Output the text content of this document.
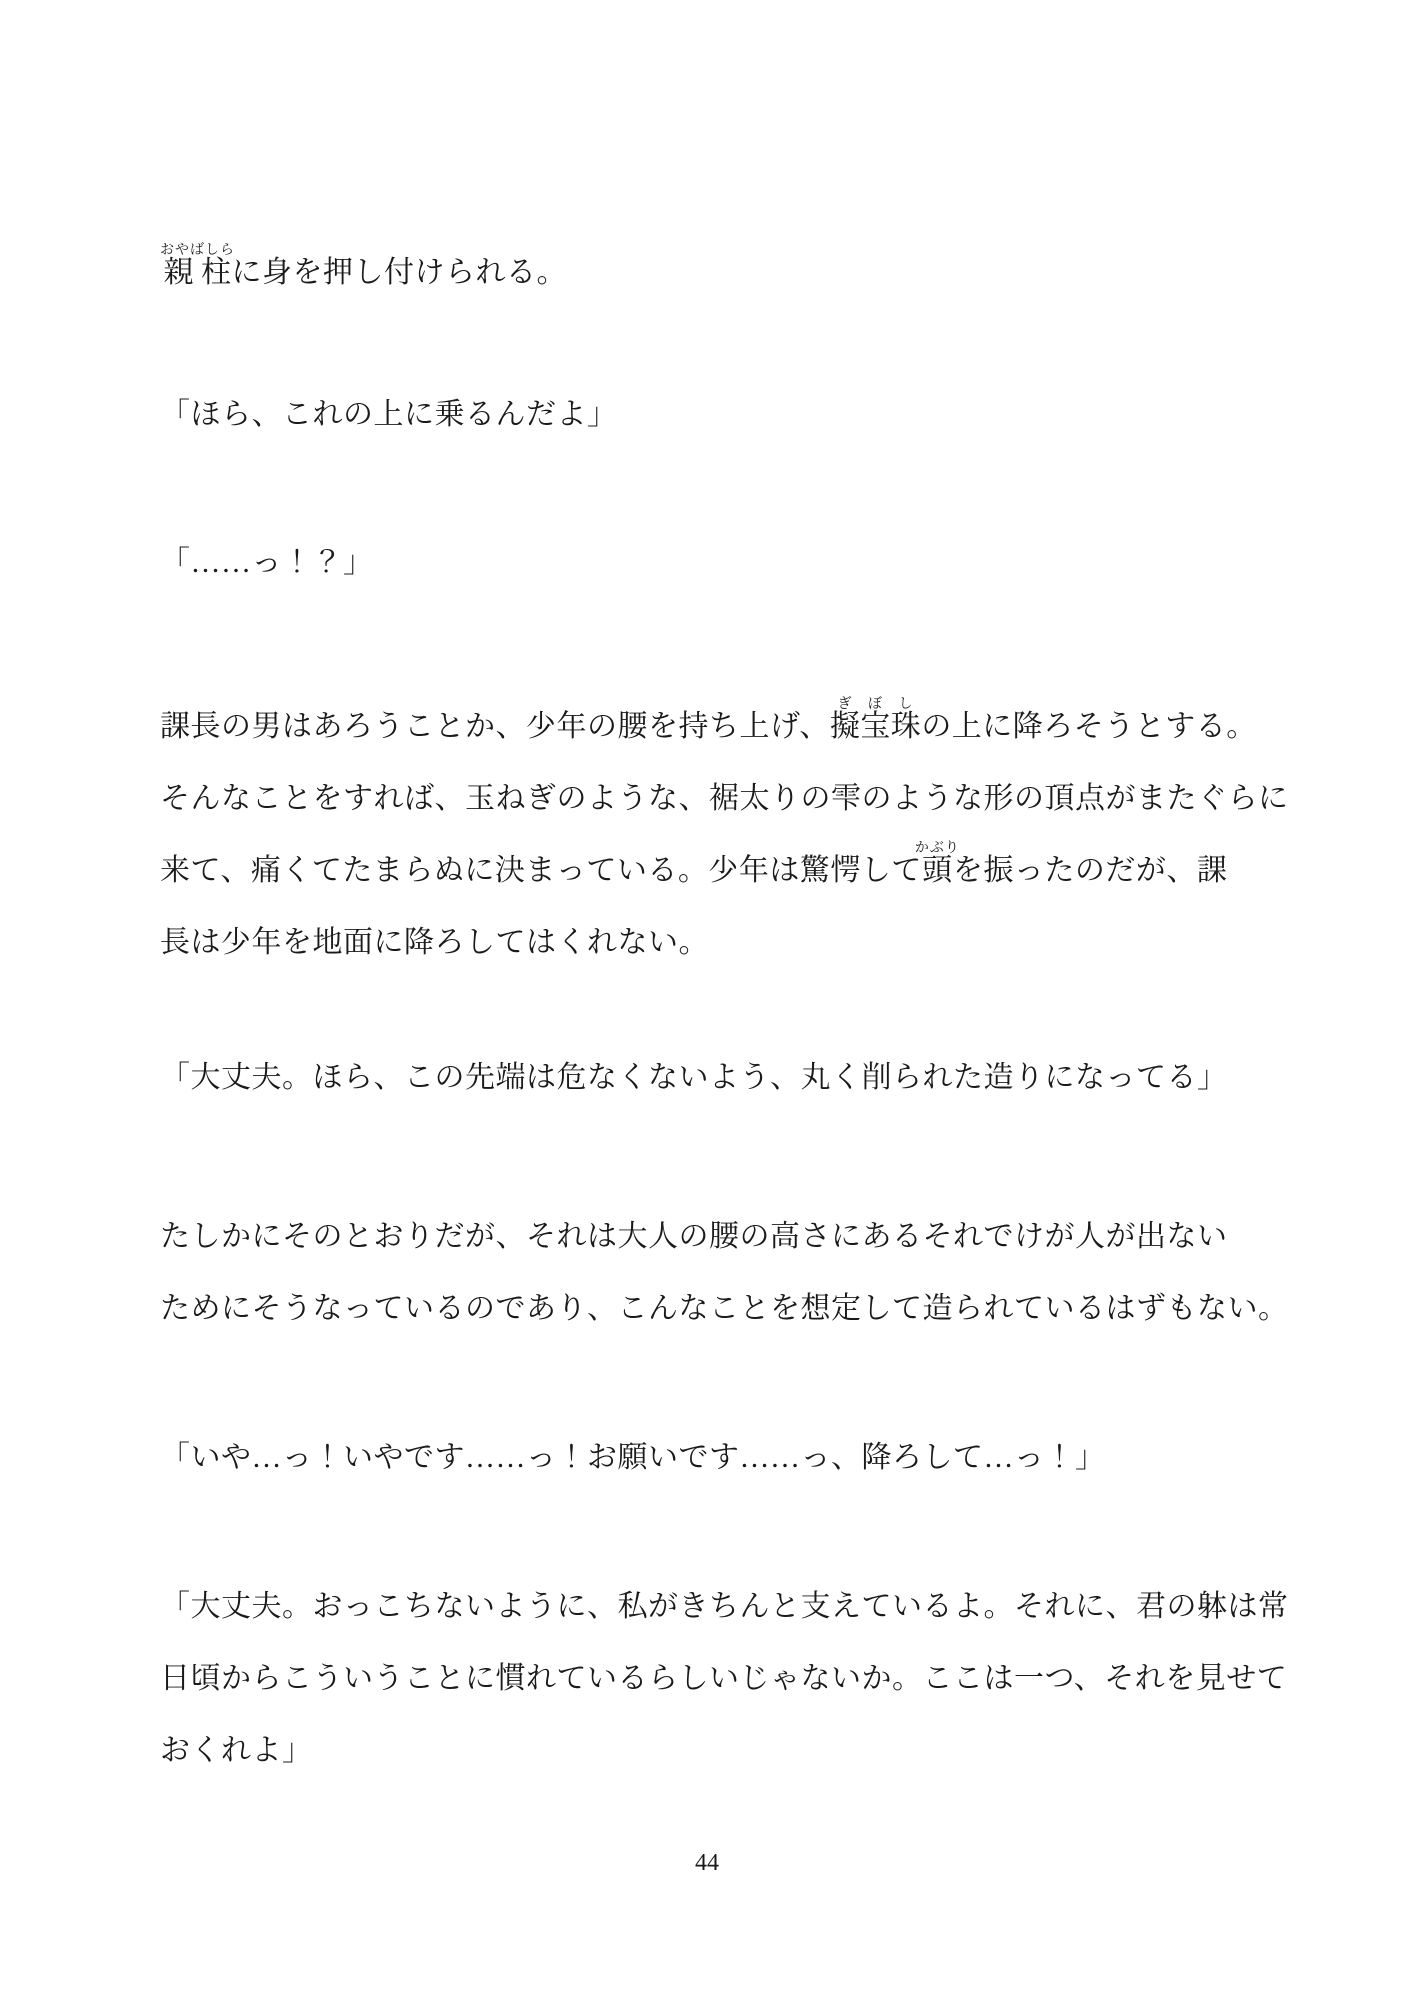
親柱おやばしらに身を押し付けられる。
「ほら、これの上に乗るんだよ」
「……っ！？」
課長の男はあろうことか、少年の腰を持ち上げ、擬宝珠ぎぼしの上に降ろそうとする。
そんなことをすれば、玉ねぎのような、裾太りの雫のような形の頂点がまたぐらに
来て、痛くてたまらぬに決まっている。少年は驚愕して頭かぶりを振ったのだが、課
長は少年を地面に降ろしてはくれない。
「大丈夫。ほら、この先端は危なくないよう、丸く削られた造りになってる」
たしかにそのとおりだが、それは大人の腰の高さにあるそれでけが人が出ない
ためにそうなっているのであり、こんなことを想定して造られているはずもない。
「いや…っ！いやです……っ！お願いです……っ、降ろして…っ！」
「大丈夫。おっこちないように、私がきちんと支えているよ。それに、君の躰は常
日頃からこういうことに慣れているらしいじゃないか。ここは一つ、それを見せて
おくれよ」
44
